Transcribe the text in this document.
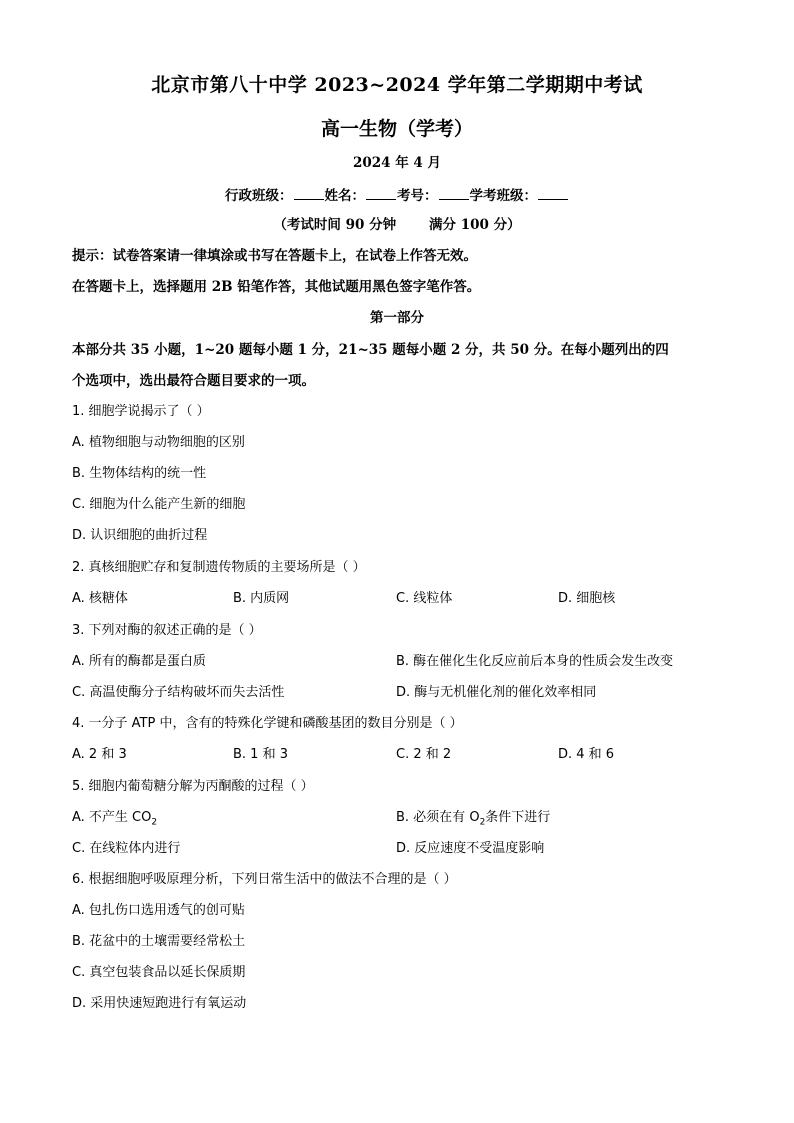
北京市第八十中学 2023~2024 学年第二学期期中考试
高一生物（学考）
2024 年 4 月
行政班级： 姓名： 考号： 学考班级：
（考试时间 90 分钟       满分 100 分）
提示：试卷答案请一律填涂或书写在答题卡上，在试卷上作答无效。
在答题卡上，选择题用 2B 铅笔作答，其他试题用黑色签字笔作答。
第一部分
本部分共 35 小题，1~20 题每小题 1 分，21~35 题每小题 2 分，共 50 分。在每小题列出的四
个选项中，选出最符合题目要求的一项。
1. 细胞学说揭示了（ ）
A. 植物细胞与动物细胞的区别
B. 生物体结构的统一性
C. 细胞为什么能产生新的细胞
D. 认识细胞的曲折过程
2. 真核细胞贮存和复制遗传物质的主要场所是（ ）
A. 核糖体	B. 内质网	C. 线粒体	D. 细胞核
3. 下列对酶的叙述正确的是（ ）
A. 所有的酶都是蛋白质	B. 酶在催化生化反应前后本身的性质会发生改变
C. 高温使酶分子结构破坏而失去活性	D. 酶与无机催化剂的催化效率相同
4. 一分子 ATP 中，含有的特殊化学键和磷酸基团的数目分别是（ ）
A. 2 和 3	B. 1 和 3	C. 2 和 2	D. 4 和 6
5. 细胞内葡萄糖分解为丙酮酸的过程（ ）
A. 不产生 $CO_2$	B. 必须在有 $O_2$条件下进行
C. 在线粒体内进行	D. 反应速度不受温度影响
6. 根据细胞呼吸原理分析，下列日常生活中的做法不合理的是（ ）
A. 包扎伤口选用透气的创可贴
B. 花盆中的土壤需要经常松土
C. 真空包装食品以延长保质期
D. 采用快速短跑进行有氧运动
